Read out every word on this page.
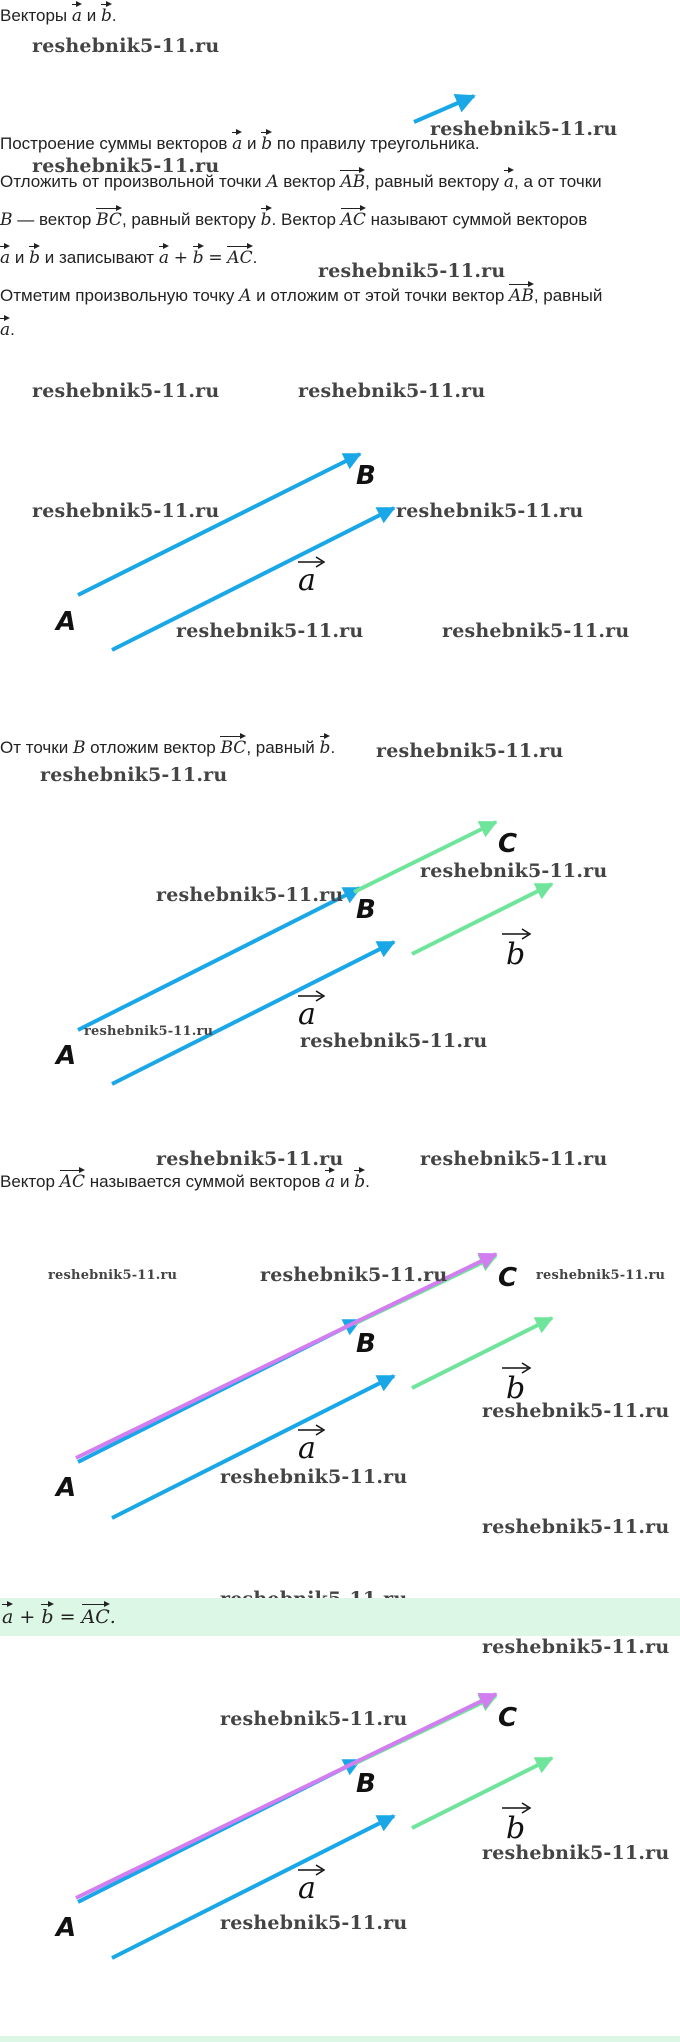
Векторы a и b.
reshebnik5-11.ru
reshebnik5-11.ru
Построение суммы векторов a и b по правилу треугольника.
Отложить от произвольной точки A вектор AB, равный вектору a, а от точки
reshebnik5-11.ru
B — вектор BC, равный вектору b. Вектор AC называют суммой векторов
a и b и записывают a + b = AC.
reshebnik5-11.ru
Отметим произвольную точку A и отложим от этой точки вектор AB, равный
a.
reshebnik5-11.ru	reshebnik5-11.ru
A
B
a
reshebnik5-11.ru	reshebnik5-11.ru
reshebnik5-11.ru	reshebnik5-11.ru
От точки B отложим вектор BC, равный b. reshebnik5-11.ru
reshebnik5-11.ru
A
B
C
a
b
reshebnik5-11.ru
reshebnik5-11.ru
reshebnik5-11.ru	reshebnik5-11.ru
reshebnik5-11.ru	reshebnik5-11.ru
Вектор AC называется суммой векторов a и b.
reshebnik5-11.ru	reshebnik5-11.ru
A
B
C
a
b
reshebnik5-11.ru
reshebnik5-11.ru
reshebnik5-11.ru
reshebnik5-11.ru
a + b = AC.
reshebnik5-11.ru
A
B
C
a
b
reshebnik5-11.ru
reshebnik5-11.ru
reshebnik5-11.ru
